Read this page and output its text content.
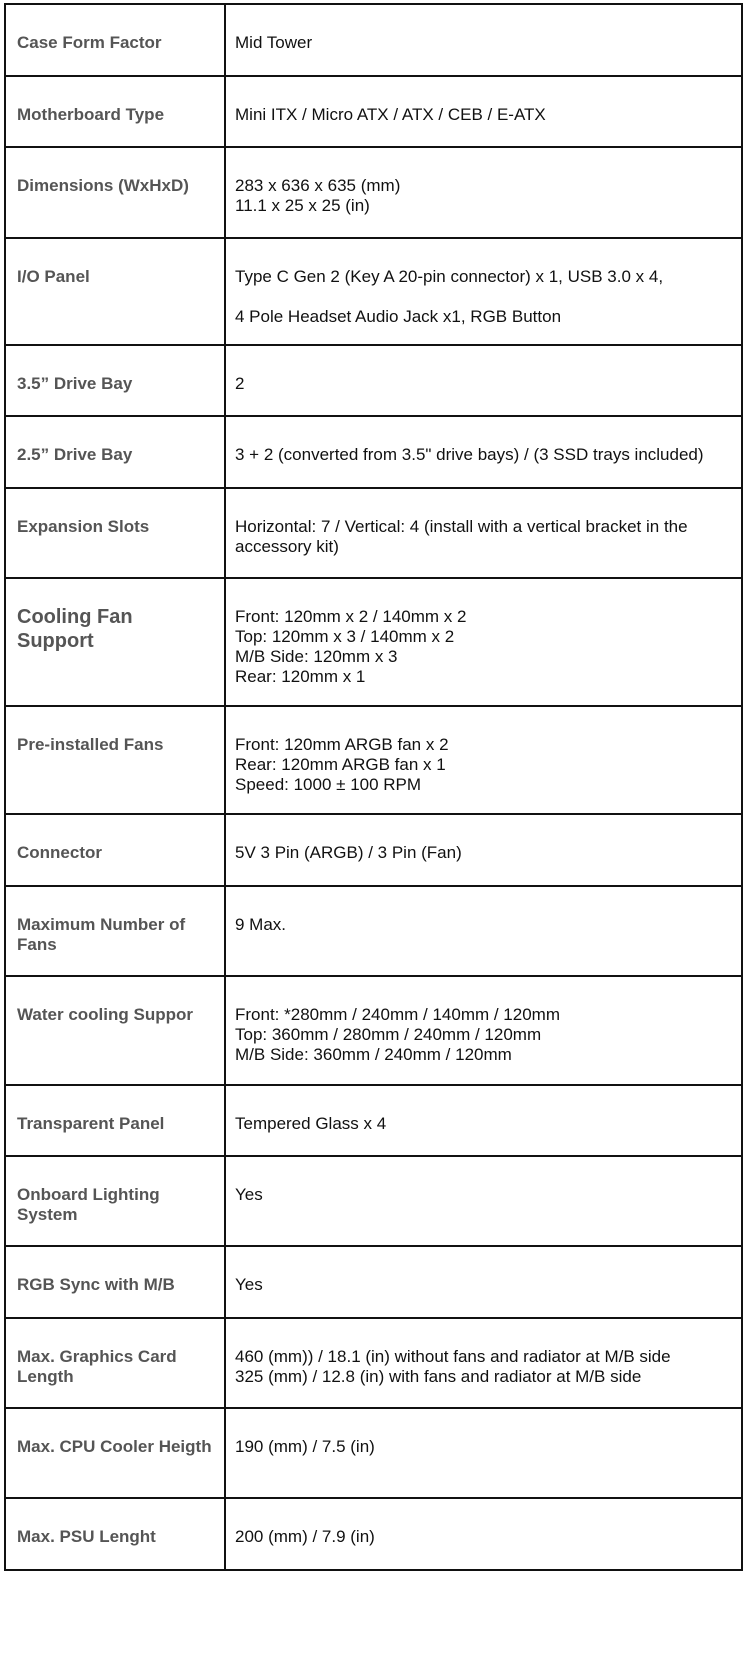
Case Form Factor	Mid Tower

Motherboard Type	Mini ITX / Micro ATX / ATX / CEB / E-ATX

Dimensions (WxHxD)	283 x 636 x 635 (mm)
11.1 x 25 x 25 (in)

I/O Panel	Type C Gen 2 (Key A 20-pin connector) x 1, USB 3.0 x 4,
4 Pole Headset Audio Jack x1, RGB Button

3.5” Drive Bay	2

2.5” Drive Bay	3 + 2 (converted from 3.5" drive bays) / (3 SSD trays included)

Expansion Slots	Horizontal: 7 / Vertical: 4 (install with a vertical bracket in the accessory kit)

Cooling Fan Support	Front: 120mm x 2 / 140mm x 2
Top: 120mm x 3 / 140mm x 2
M/B Side: 120mm x 3
Rear: 120mm x 1

Pre-installed Fans	Front: 120mm ARGB fan x 2
Rear: 120mm ARGB fan x 1
Speed: 1000 ± 100 RPM

Connector	5V 3 Pin (ARGB) / 3 Pin (Fan)

Maximum Number of Fans	9 Max.

Water cooling Suppor	Front: *280mm / 240mm / 140mm / 120mm
Top: 360mm / 280mm / 240mm / 120mm
M/B Side: 360mm / 240mm / 120mm

Transparent Panel	Tempered Glass x 4

Onboard Lighting System	Yes

RGB Sync with M/B	Yes

Max. Graphics Card Length	460 (mm)) / 18.1 (in) without fans and radiator at M/B side
325 (mm) / 12.8 (in) with fans and radiator at M/B side

Max. CPU Cooler Heigth	190 (mm) / 7.5 (in)

Max. PSU Lenght	200 (mm) / 7.9 (in)
